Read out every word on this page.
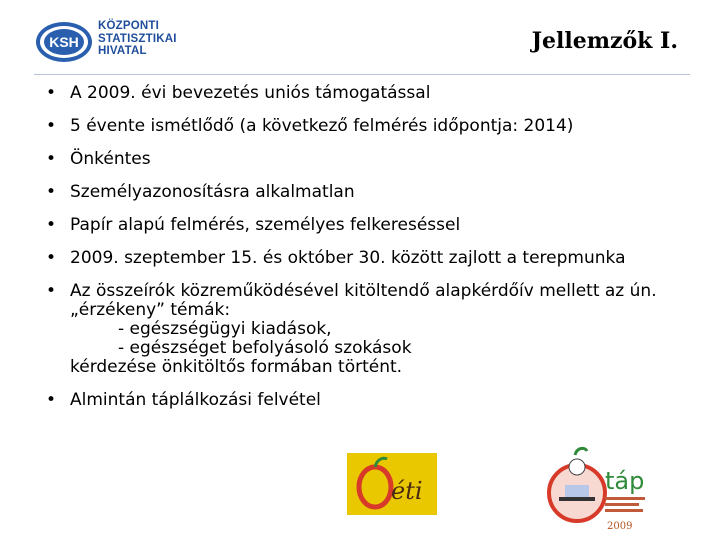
KSH
KÖZPONTI
STATISZTIKAI
HIVATAL	Jellemzők I.
• A 2009. évi bevezetés uniós támogatással
• 5 évente ismétlődő (a következő felmérés időpontja: 2014)
• Önkéntes
• Személyazonosításra alkalmatlan
• Papír alapú felmérés, személyes felkereséssel
• 2009. szeptember 15. és október 30. között zajlott a terepmunka
• Az összeírók közreműködésével kitöltendő alapkérdőív mellett az ún. „érzékeny” témák:
- egészségügyi kiadások,
- egészséget befolyásoló szokások
kérdezése önkitöltős formában történt.
• Almintán táplálkozási felvétel
éti	táp
2009
